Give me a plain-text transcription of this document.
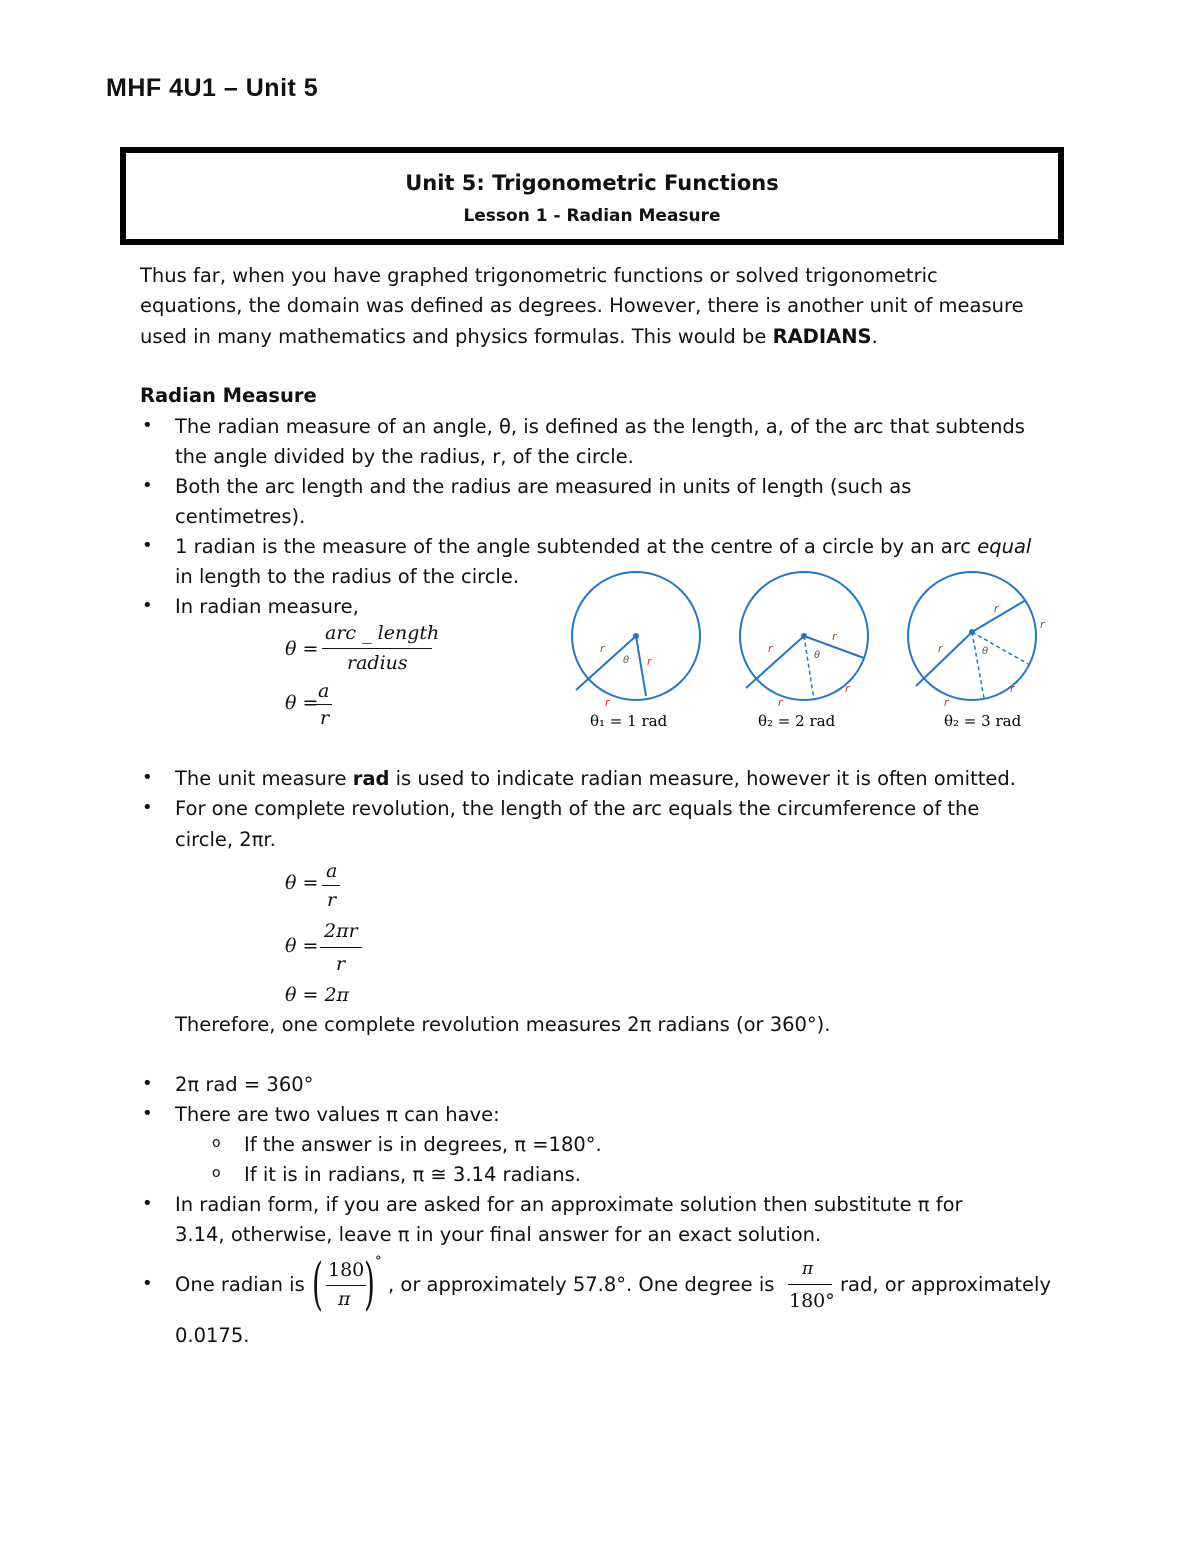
MHF 4U1 – Unit 5
Unit 5: Trigonometric Functions
Lesson 1 - Radian Measure
Thus far, when you have graphed trigonometric functions or solved trigonometric
equations, the domain was defined as degrees. However, there is another unit of measure
used in many mathematics and physics formulas. This would be RADIANS.
Radian Measure
• The radian measure of an angle, θ, is defined as the length, a, of the arc that subtends
the angle divided by the radius, r, of the circle.
• Both the arc length and the radius are measured in units of length (such as
centimetres).
• 1 radian is the measure of the angle subtended at the centre of a circle by an arc equal
in length to the radius of the circle.
• In radian measure,
θ =
arc _ length
radius
θ =
a
r
r
r
r
θ
r
r
r
r
θ
r
r
r
r
r
θ
θ₁ = 1 rad	θ₂ = 2 rad	θ₂ = 3 rad
• The unit measure rad is used to indicate radian measure, however it is often omitted.
• For one complete revolution, the length of the arc equals the circumference of the
circle, 2πr.
θ =
a
r
θ =
2πr
r
θ = 2π
Therefore, one complete revolution measures 2π radians (or 360°).
• 2π rad = 360°
• There are two values π can have:
o If the answer is in degrees, π =180°.
o If it is in radians, π ≅ 3.14 radians.
• In radian form, if you are asked for an approximate solution then substitute π for
3.14, otherwise, leave π in your final answer for an exact solution.
• One radian is ( 180
π ) °
, or approximately 57.8°. One degree is
π
180°
rad, or approximately
0.0175.
